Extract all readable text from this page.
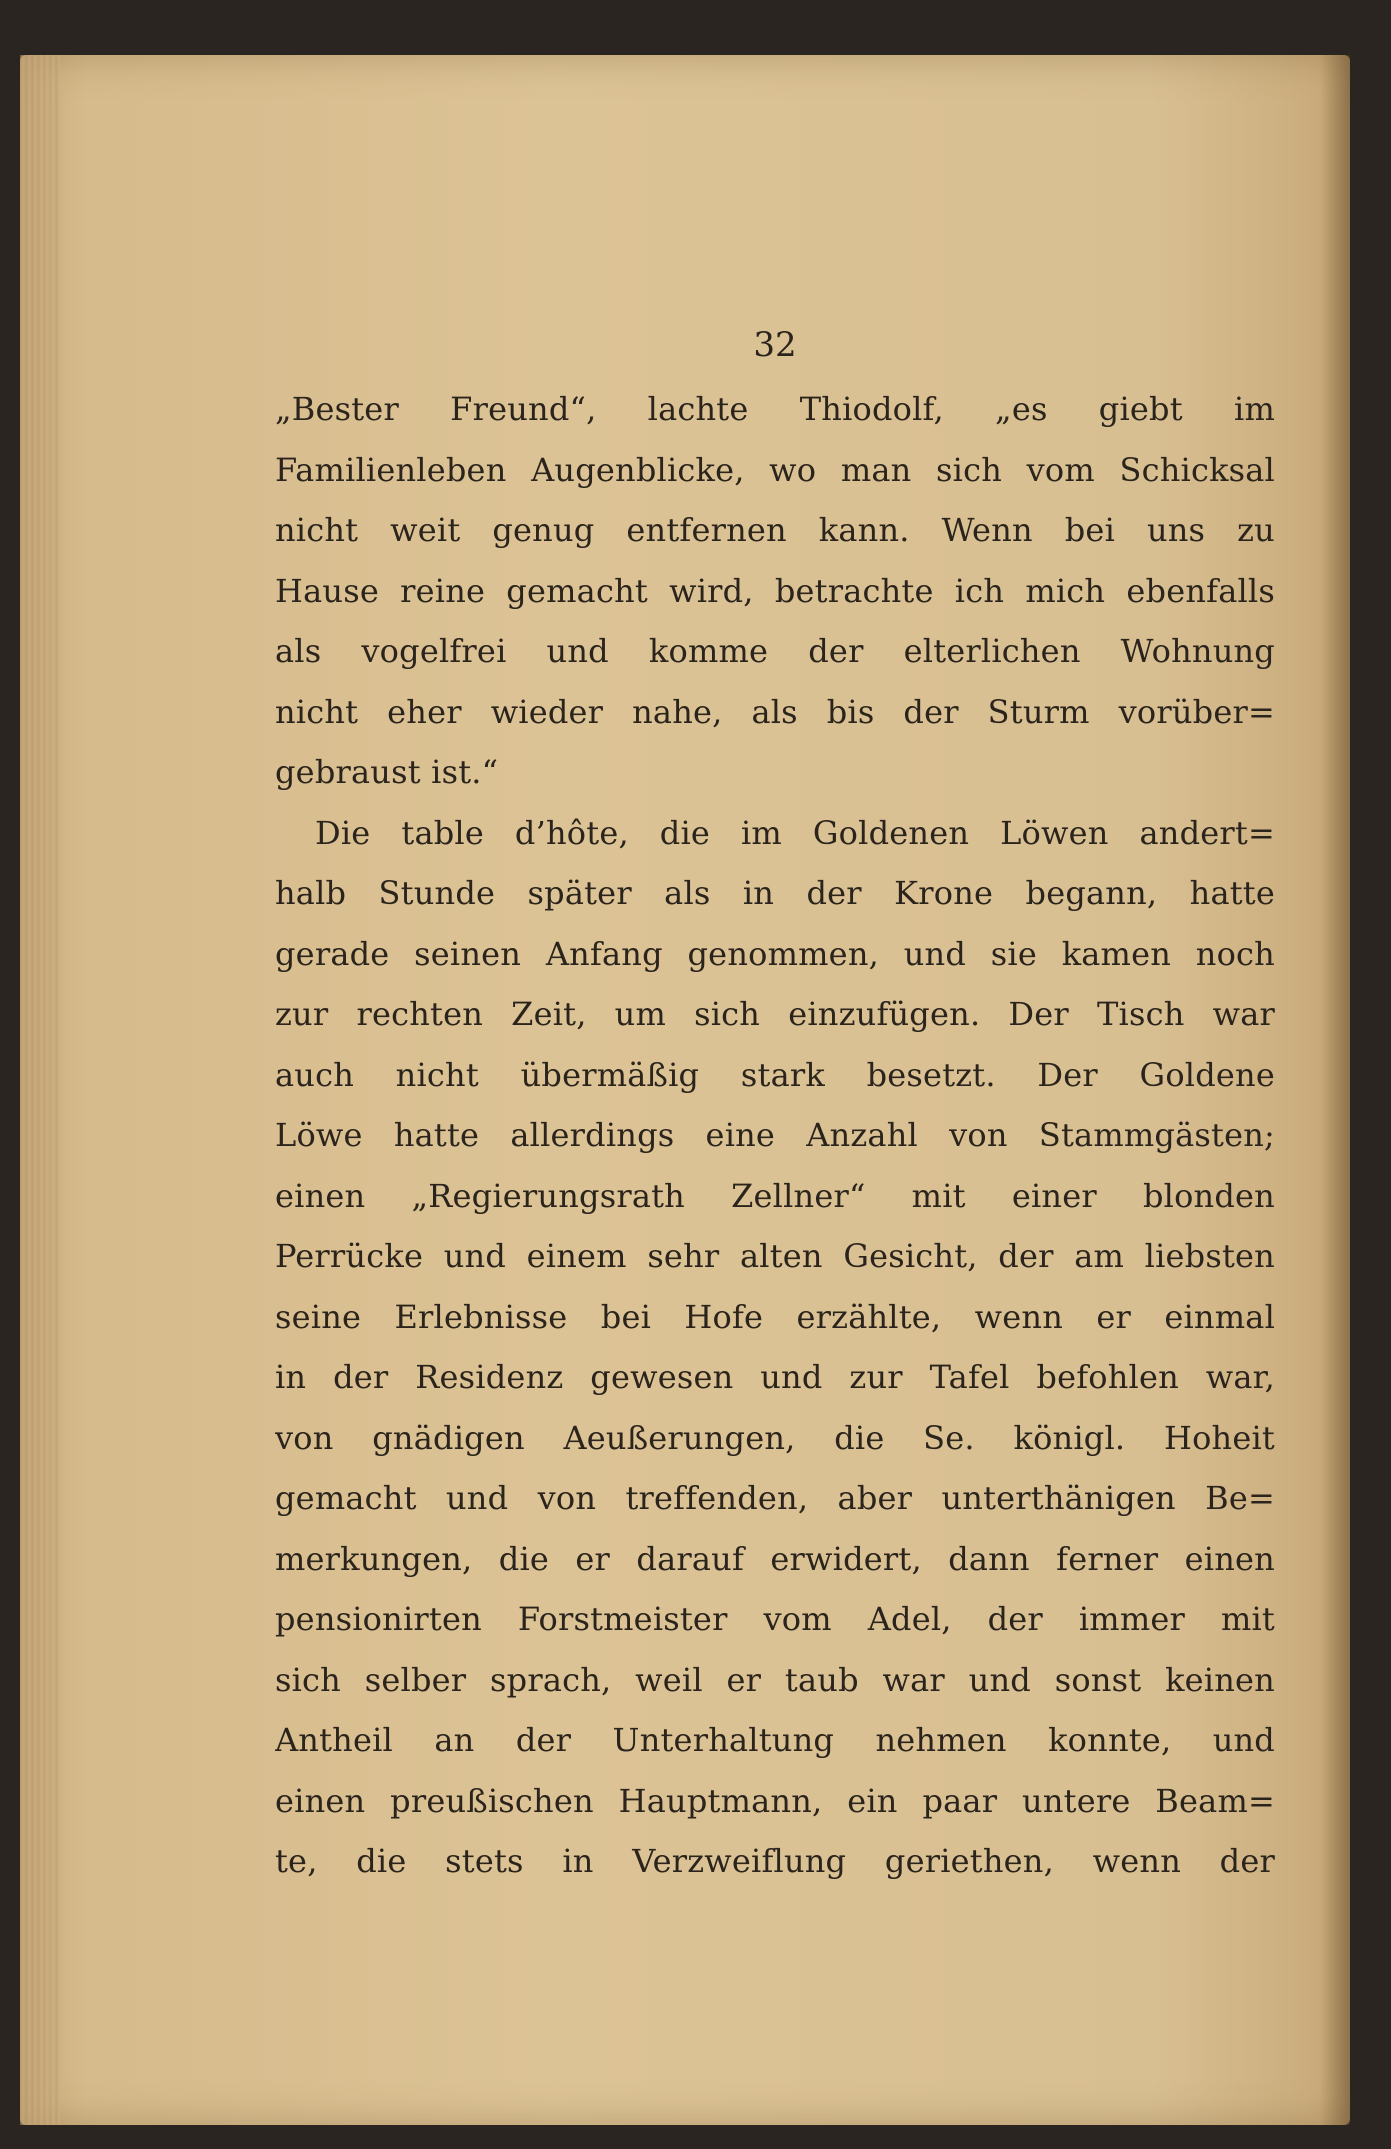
32
„Bester Freund“, lachte Thiodolf, „es giebt im
Familienleben Augenblicke, wo man sich vom Schicksal
nicht weit genug entfernen kann. Wenn bei uns zu
Hause reine gemacht wird, betrachte ich mich ebenfalls
als vogelfrei und komme der elterlichen Wohnung
nicht eher wieder nahe, als bis der Sturm vorüber=
gebraust ist.“
Die table d’hôte, die im Goldenen Löwen andert=
halb Stunde später als in der Krone begann, hatte
gerade seinen Anfang genommen, und sie kamen noch
zur rechten Zeit, um sich einzufügen. Der Tisch war
auch nicht übermäßig stark besetzt. Der Goldene
Löwe hatte allerdings eine Anzahl von Stammgästen;
einen „Regierungsrath Zellner“ mit einer blonden
Perrücke und einem sehr alten Gesicht, der am liebsten
seine Erlebnisse bei Hofe erzählte, wenn er einmal
in der Residenz gewesen und zur Tafel befohlen war,
von gnädigen Aeußerungen, die Se. königl. Hoheit
gemacht und von treffenden, aber unterthänigen Be=
merkungen, die er darauf erwidert, dann ferner einen
pensionirten Forstmeister vom Adel, der immer mit
sich selber sprach, weil er taub war und sonst keinen
Antheil an der Unterhaltung nehmen konnte, und
einen preußischen Hauptmann, ein paar untere Beam=
te, die stets in Verzweiflung geriethen, wenn der
